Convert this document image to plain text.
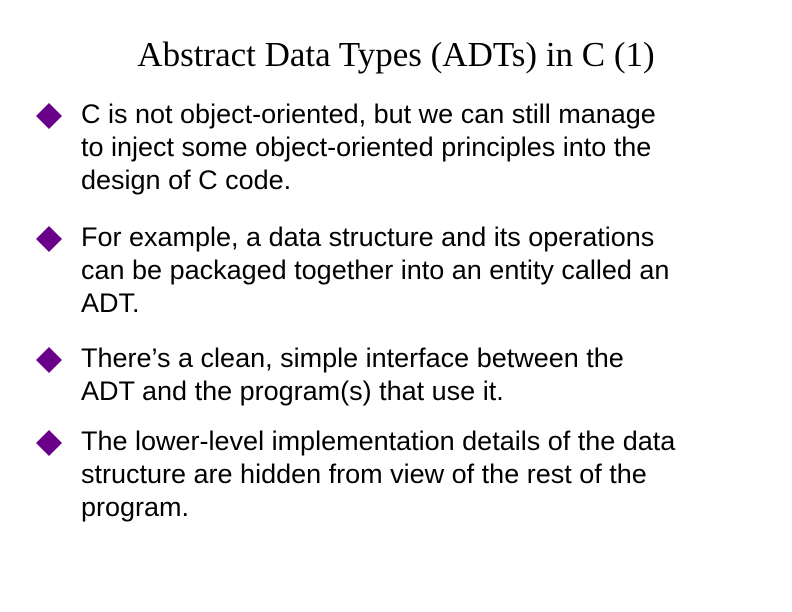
Abstract Data Types (ADTs) in C (1)
C is not object-oriented, but we can still manage
to inject some object-oriented principles into the
design of C code.
For example, a data structure and its operations
can be packaged together into an entity called an
ADT.
There’s a clean, simple interface between the
ADT and the program(s) that use it.
The lower-level implementation details of the data
structure are hidden from view of the rest of the
program.
